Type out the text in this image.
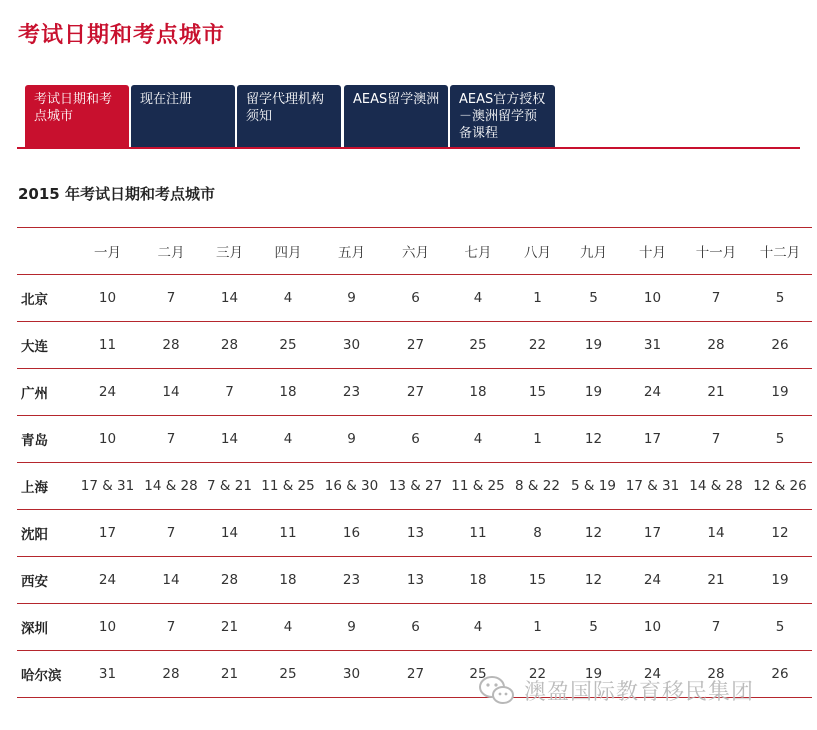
考试日期和考点城市
考试日期和考点城市
现在注册	留学代理机构须知
AEAS留学澳洲	AEAS官方授权－澳洲留学预备课程
2015 年考试日期和考点城市
	一月	二月	三月	四月	五月	六月	七月	八月	九月	十月	十一月	十二月
北京	10	7	14	4	9	6	4	1	5	10	7	5
大连	11	28	28	25	30	27	25	22	19	31	28	26
广州	24	14	7	18	23	27	18	15	19	24	21	19
青岛	10	7	14	4	9	6	4	1	12	17	7	5
上海	17 & 31	14 & 28	7 & 21	11 & 25	16 & 30	13 & 27	11 & 25	8 & 22	5 & 19	17 & 31	14 & 28	12 & 26
沈阳	17	7	14	11	16	13	11	8	12	17	14	12
西安	24	14	28	18	23	13	18	15	12	24	21	19
深圳	10	7	21	4	9	6	4	1	5	10	7	5
哈尔滨	31	28	21	25	30	27	25	22	19	24	28	26
澳盈国际教育移民集团
